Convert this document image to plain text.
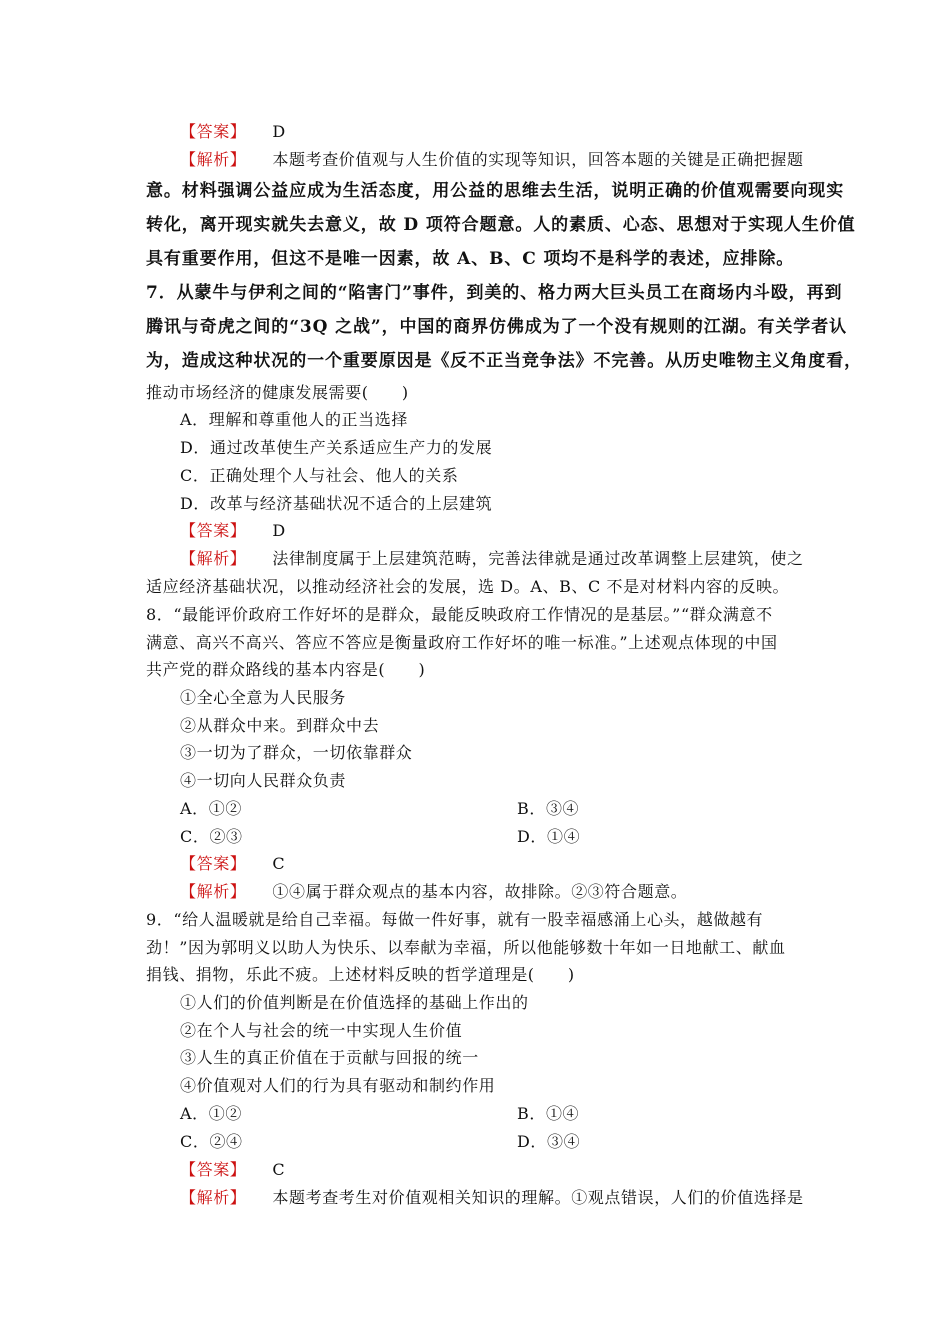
【答案】 D
【解析】 本题考查价值观与人生价值的实现等知识，回答本题的关键是正确把握题
意。材料强调公益应成为生活态度，用公益的思维去生活，说明正确的价值观需要向现实
转化，离开现实就失去意义，故 D 项符合题意。人的素质、心态、思想对于实现人生价值
具有重要作用，但这不是唯一因素，故 A、B、C 项均不是科学的表述，应排除。
7．从蒙牛与伊利之间的“陷害门”事件，到美的、格力两大巨头员工在商场内斗殴，再到
腾讯与奇虎之间的“3Q 之战”，中国的商界仿佛成为了一个没有规则的江湖。有关学者认
为，造成这种状况的一个重要原因是《反不正当竞争法》不完善。从历史唯物主义角度看，
推动市场经济的健康发展需要(　　)
A．理解和尊重他人的正当选择
D．通过改革使生产关系适应生产力的发展
C．正确处理个人与社会、他人的关系
D．改革与经济基础状况不适合的上层建筑
【答案】 D
【解析】 法律制度属于上层建筑范畴，完善法律就是通过改革调整上层建筑，使之
适应经济基础状况，以推动经济社会的发展，选 D。A、B、C 不是对材料内容的反映。
8．“最能评价政府工作好坏的是群众，最能反映政府工作情况的是基层。”“群众满意不
满意、高兴不高兴、答应不答应是衡量政府工作好坏的唯一标准。”上述观点体现的中国
共产党的群众路线的基本内容是(　　)
①全心全意为人民服务
②从群众中来。到群众中去
③一切为了群众，一切依靠群众
④一切向人民群众负责
A．①②	B．③④
C．②③	D．①④
【答案】 C
【解析】 ①④属于群众观点的基本内容，故排除。②③符合题意。
9．“给人温暖就是给自己幸福。每做一件好事，就有一股幸福感涌上心头，越做越有
劲！”因为郭明义以助人为快乐、以奉献为幸福，所以他能够数十年如一日地献工、献血
捐钱、捐物，乐此不疲。上述材料反映的哲学道理是(　　)
①人们的价值判断是在价值选择的基础上作出的
②在个人与社会的统一中实现人生价值
③人生的真正价值在于贡献与回报的统一
④价值观对人们的行为具有驱动和制约作用
A．①②	B．①④
C．②④	D．③④
【答案】 C
【解析】 本题考查考生对价值观相关知识的理解。①观点错误，人们的价值选择是
